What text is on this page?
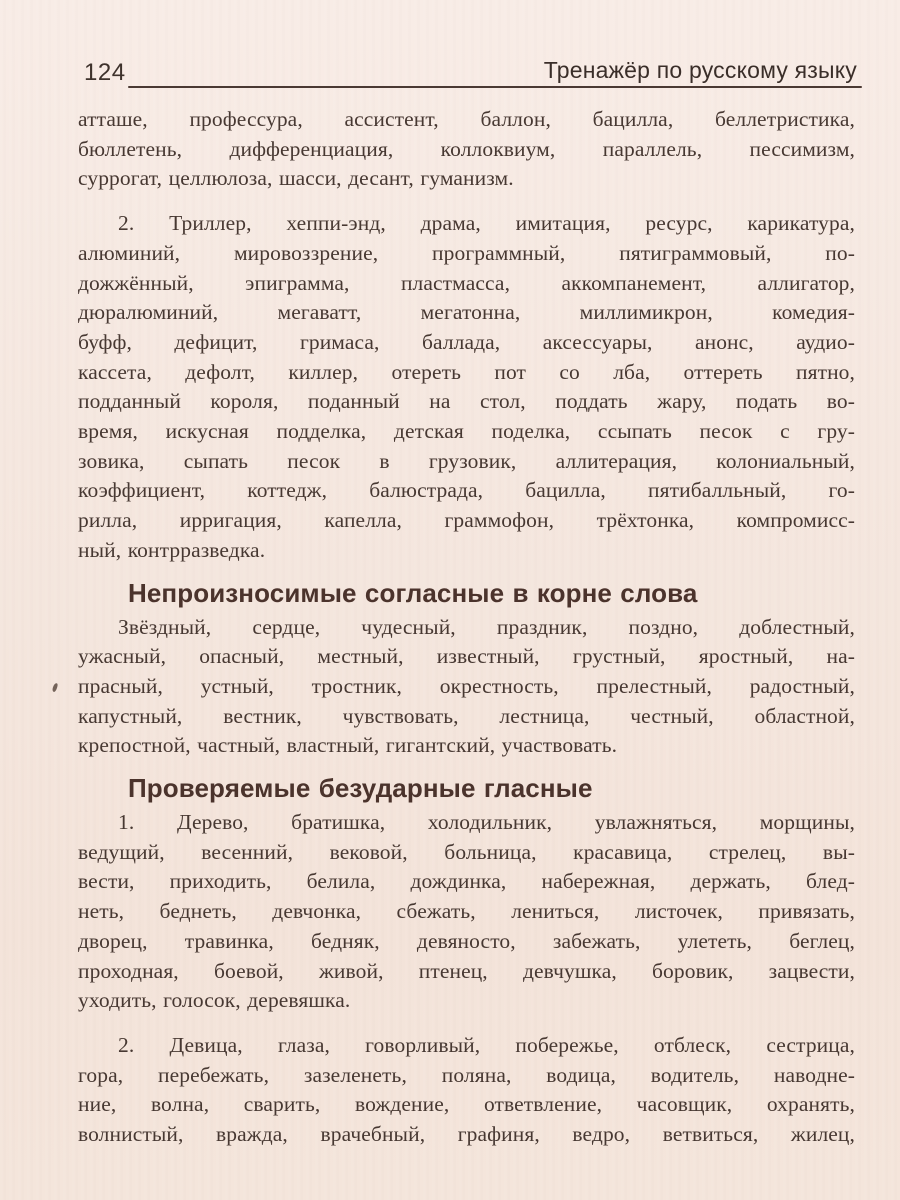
124	Тренажёр по русскому языку
атташе, профессура, ассистент, баллон, бацилла, беллетристика,
бюллетень, дифференциация, коллоквиум, параллель, пессимизм,
суррогат, целлюлоза, шасси, десант, гуманизм.
2. Триллер, хеппи-энд, драма, имитация, ресурс, карикатура,
алюминий, мировоззрение, программный, пятиграммовый, по-
дожжённый, эпиграмма, пластмасса, аккомпанемент, аллигатор,
дюралюминий, мегаватт, мегатонна, миллимикрон, комедия-
буфф, дефицит, гримаса, баллада, аксессуары, анонс, аудио-
кассета, дефолт, киллер, отереть пот со лба, оттереть пятно,
подданный короля, поданный на стол, поддать жару, подать во-
время, искусная подделка, детская поделка, ссыпать песок с гру-
зовика, сыпать песок в грузовик, аллитерация, колониальный,
коэффициент, коттедж, балюстрада, бацилла, пятибалльный, го-
рилла, ирригация, капелла, граммофон, трёхтонка, компромисс-
ный, контрразведка.
Непроизносимые согласные в корне слова
Звёздный, сердце, чудесный, праздник, поздно, доблестный,
ужасный, опасный, местный, известный, грустный, яростный, на-
прасный, устный, тростник, окрестность, прелестный, радостный,
капустный, вестник, чувствовать, лестница, честный, областной,
крепостной, частный, властный, гигантский, участвовать.
Проверяемые безударные гласные
1. Дерево, братишка, холодильник, увлажняться, морщины,
ведущий, весенний, вековой, больница, красавица, стрелец, вы-
вести, приходить, белила, дождинка, набережная, держать, блед-
неть, беднеть, девчонка, сбежать, лениться, листочек, привязать,
дворец, травинка, бедняк, девяносто, забежать, улететь, беглец,
проходная, боевой, живой, птенец, девчушка, боровик, зацвести,
уходить, голосок, деревяшка.
2. Девица, глаза, говорливый, побережье, отблеск, сестрица,
гора, перебежать, зазеленеть, поляна, водица, водитель, наводне-
ние, волна, сварить, вождение, ответвление, часовщик, охранять,
волнистый, вражда, врачебный, графиня, ведро, ветвиться, жилец,
